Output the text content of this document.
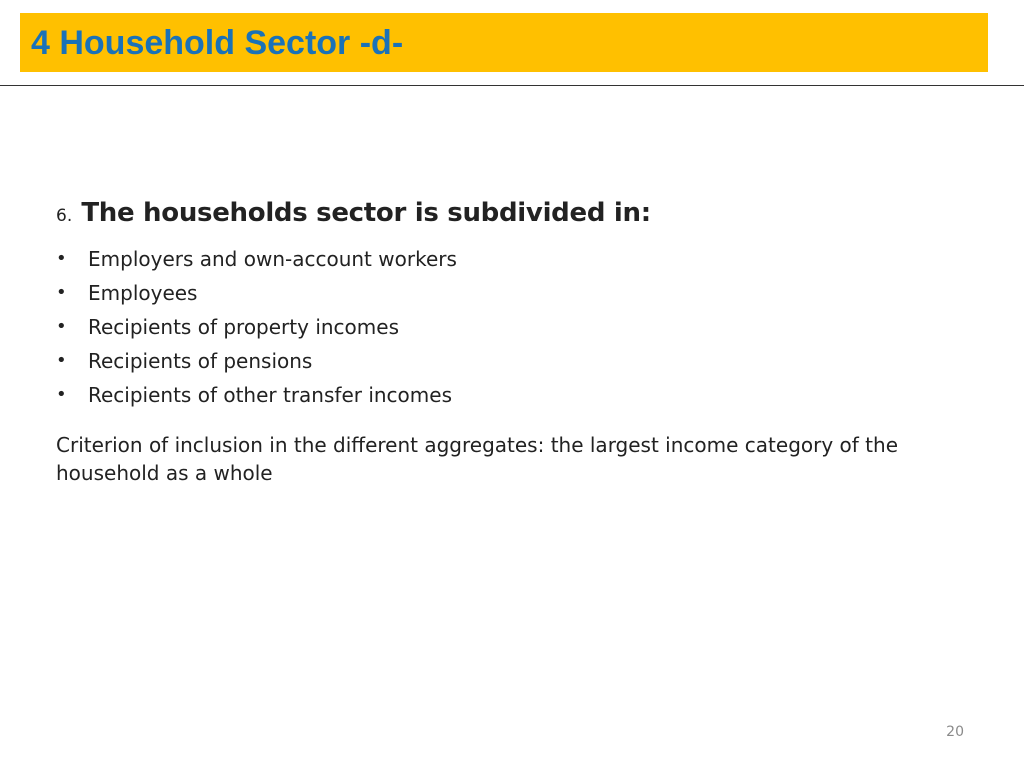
4 Household Sector -d-
6. The households sector is subdivided in:
• Employers and own-account workers
• Employees
• Recipients of property incomes
• Recipients of pensions
• Recipients of other transfer incomes
Criterion of inclusion in the different aggregates: the largest income category of the household as a whole
20
